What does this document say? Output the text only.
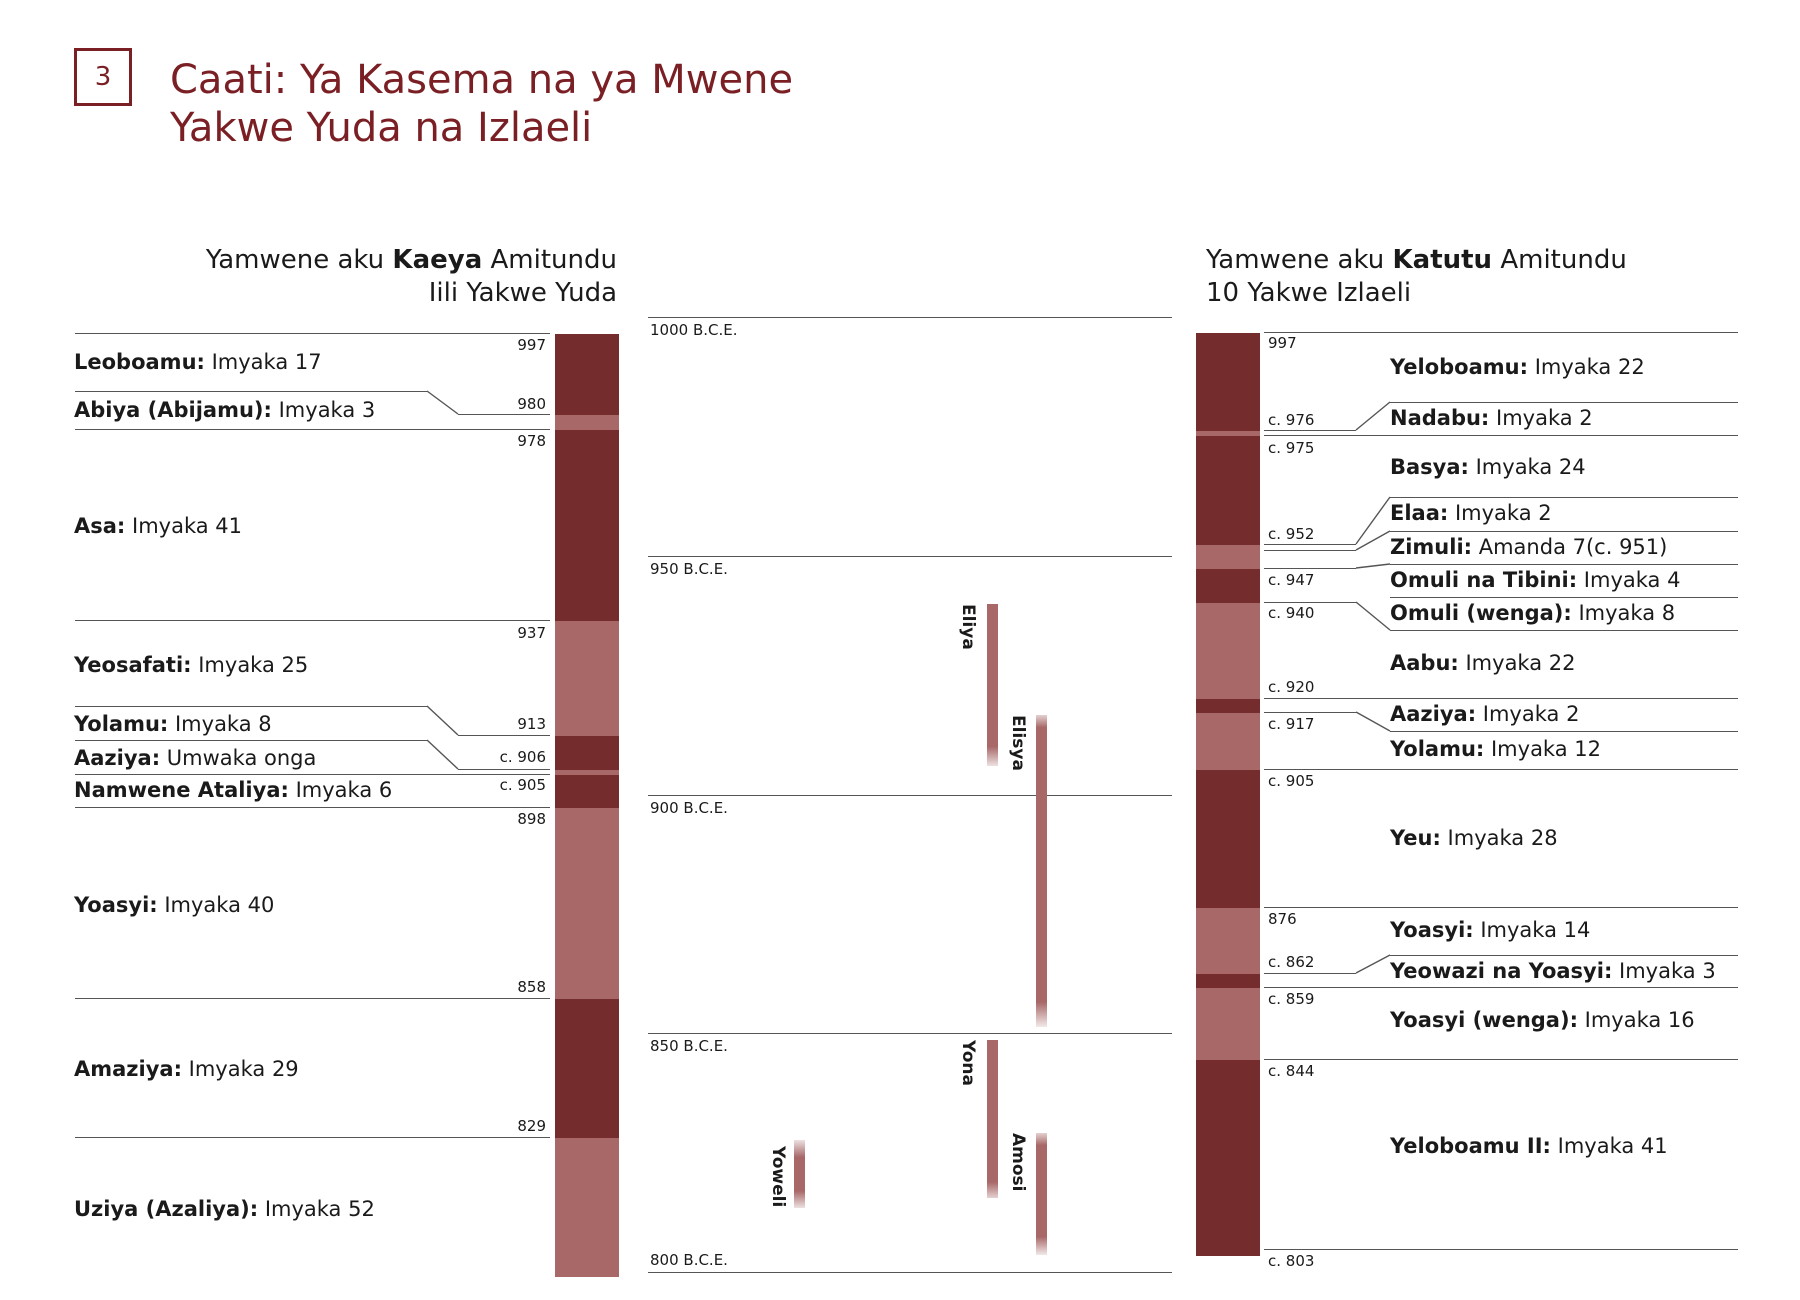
3	Caati: Ya Kasema na ya Mwene
Yakwe Yuda na Izlaeli
Yamwene aku Kaeya Amitundu
Iili Yakwe Yuda
Yamwene aku Katutu Amitundu
10 Yakwe Izlaeli
997
980
978
937
913
c. 906
c. 905
898
858
829
Leoboamu: Imyaka 17
Abiya (Abijamu): Imyaka 3
Asa: Imyaka 41
Yeosafati: Imyaka 25
Yolamu: Imyaka 8
Aaziya: Umwaka onga
Namwene Ataliya: Imyaka 6
Yoasyi: Imyaka 40
Amaziya: Imyaka 29
Uziya (Azaliya): Imyaka 52
1000 B.C.E.
950 B.C.E.
900 B.C.E.
850 B.C.E.
800 B.C.E.
Eliya
Elisya
Yona
Amosi
Yoweli
997
c. 976
c. 975
c. 952
c. 947
c. 940
c. 920
c. 917
c. 905
876
c. 862
c. 859
c. 844
c. 803
Yeloboamu: Imyaka 22
Nadabu: Imyaka 2
Basya: Imyaka 24
Elaa: Imyaka 2
Zimuli: Amanda 7(c. 951)
Omuli na Tibini: Imyaka 4
Omuli (wenga): Imyaka 8
Aabu: Imyaka 22
Aaziya: Imyaka 2
Yolamu: Imyaka 12
Yeu: Imyaka 28
Yoasyi: Imyaka 14
Yeowazi na Yoasyi: Imyaka 3
Yoasyi (wenga): Imyaka 16
Yeloboamu II: Imyaka 41
